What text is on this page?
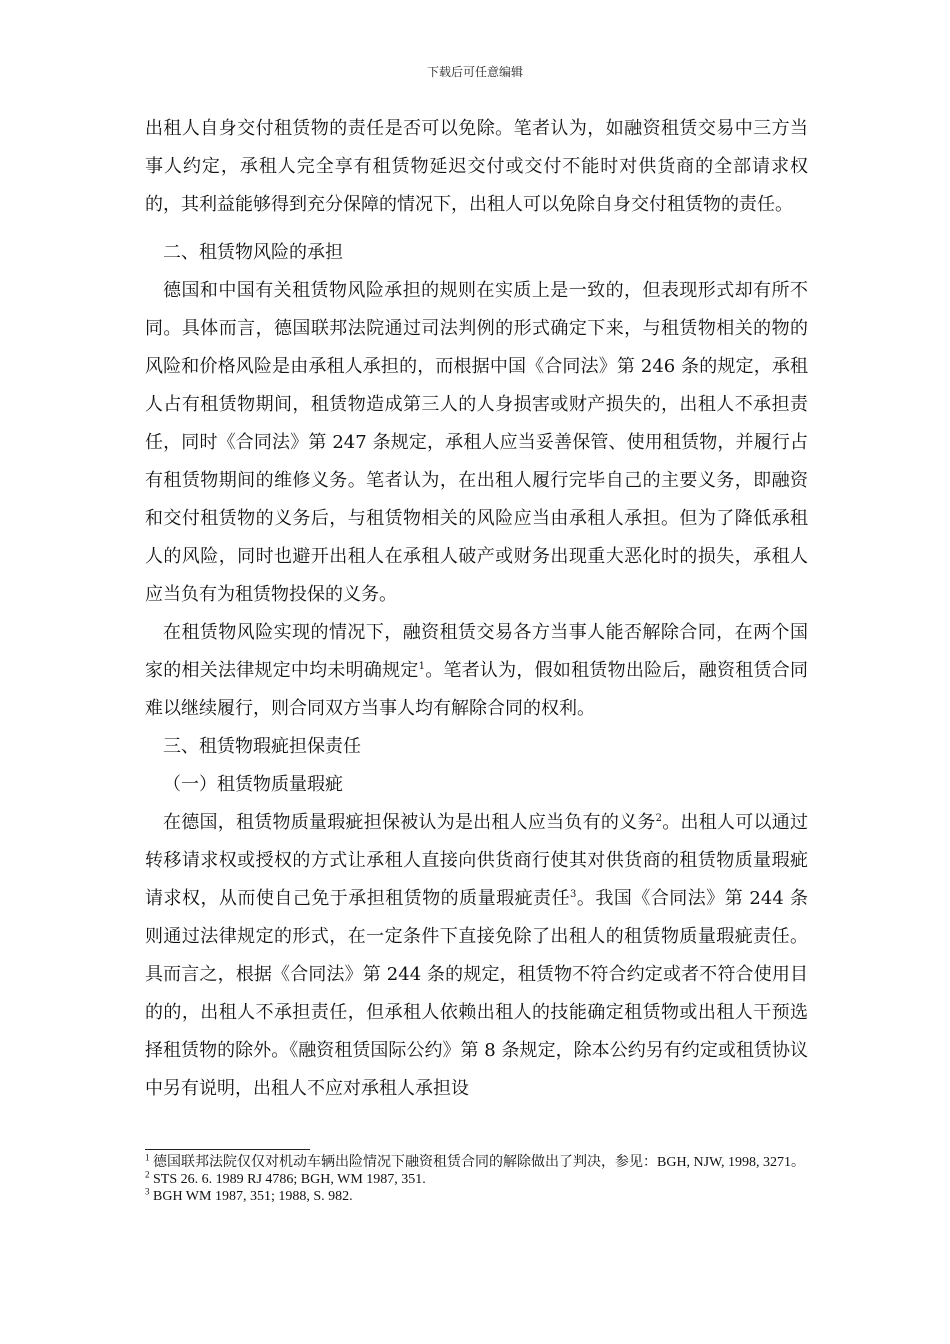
下载后可任意编辑

出租人自身交付租赁物的责任是否可以免除。笔者认为，如融资租赁交易中三方当事人约定，承租人完全享有租赁物延迟交付或交付不能时对供货商的全部请求权的，其利益能够得到充分保障的情况下，出租人可以免除自身交付租赁物的责任。

二、租赁物风险的承担

德国和中国有关租赁物风险承担的规则在实质上是一致的，但表现形式却有所不同。具体而言，德国联邦法院通过司法判例的形式确定下来，与租赁物相关的物的风险和价格风险是由承租人承担的，而根据中国《合同法》第 246 条的规定，承租人占有租赁物期间，租赁物造成第三人的人身损害或财产损失的，出租人不承担责任，同时《合同法》第 247 条规定，承租人应当妥善保管、使用租赁物，并履行占有租赁物期间的维修义务。笔者认为，在出租人履行完毕自己的主要义务，即融资和交付租赁物的义务后，与租赁物相关的风险应当由承租人承担。但为了降低承租人的风险，同时也避开出租人在承租人破产或财务出现重大恶化时的损失，承租人应当负有为租赁物投保的义务。

在租赁物风险实现的情况下，融资租赁交易各方当事人能否解除合同，在两个国家的相关法律规定中均未明确规定$^1$。笔者认为，假如租赁物出险后，融资租赁合同难以继续履行，则合同双方当事人均有解除合同的权利。

三、租赁物瑕疵担保责任

（一）租赁物质量瑕疵

在德国，租赁物质量瑕疵担保被认为是出租人应当负有的义务$^2$。出租人可以通过转移请求权或授权的方式让承租人直接向供货商行使其对供货商的租赁物质量瑕疵请求权，从而使自己免于承担租赁物的质量瑕疵责任$^3$。我国《合同法》第 244 条则通过法律规定的形式，在一定条件下直接免除了出租人的租赁物质量瑕疵责任。具而言之，根据《合同法》第 244 条的规定，租赁物不符合约定或者不符合使用目的的，出租人不承担责任，但承租人依赖出租人的技能确定租赁物或出租人干预选择租赁物的除外。《融资租赁国际公约》第 8 条规定，除本公约另有约定或租赁协议中另有说明，出租人不应对承租人承担设

$^1$ 德国联邦法院仅仅对机动车辆出险情况下融资租赁合同的解除做出了判决，参见：BGH, NJW, 1998, 3271。

$^2$ STS 26. 6. 1989 RJ 4786; BGH, WM 1987, 351.

$^3$ BGH WM 1987, 351; 1988, S. 982.
